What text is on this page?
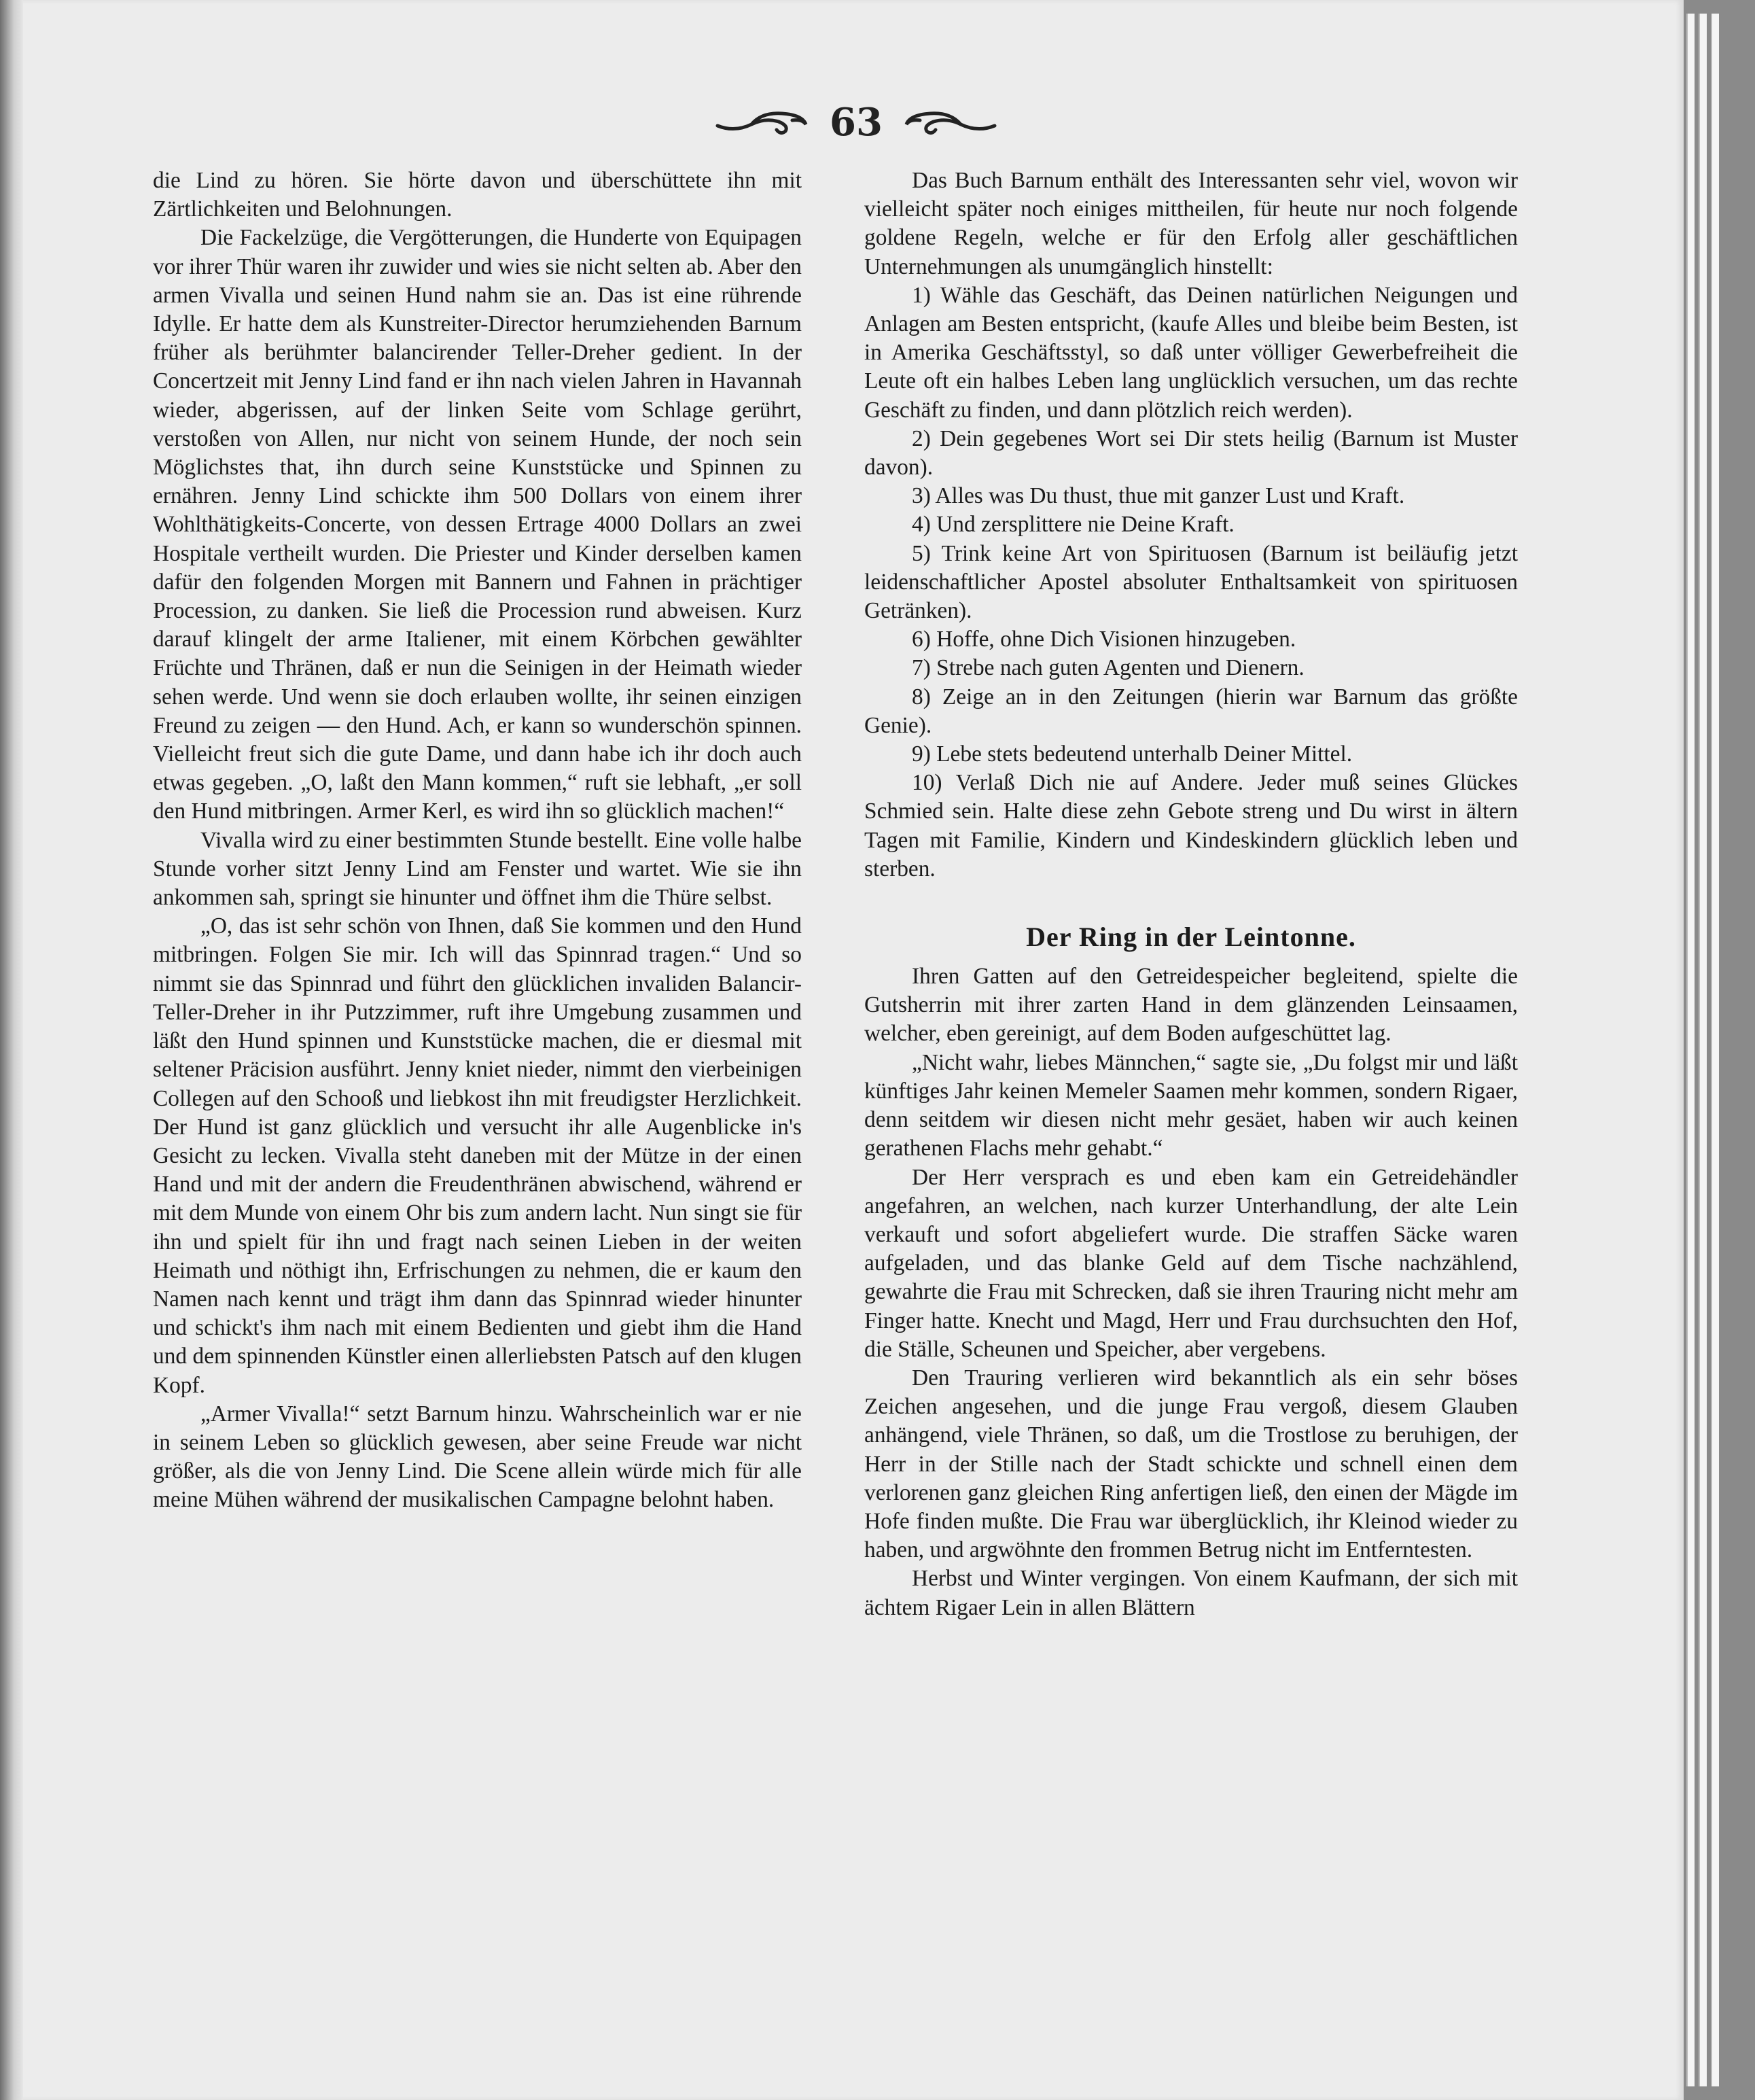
63

die Lind zu hören. Sie hörte davon und überschüttete ihn mit Zärtlichkeiten und Belohnungen.

Die Fackelzüge, die Vergötterungen, die Hunderte von Equipagen vor ihrer Thür waren ihr zuwider und wies sie nicht selten ab. Aber den armen Vivalla und seinen Hund nahm sie an. Das ist eine rührende Idylle. Er hatte dem als Kunstreiter-Director herumziehenden Barnum früher als berühmter balancirender Teller-Dreher gedient. In der Concertzeit mit Jenny Lind fand er ihn nach vielen Jahren in Havannah wieder, abgerissen, auf der linken Seite vom Schlage gerührt, verstoßen von Allen, nur nicht von seinem Hunde, der noch sein Möglichstes that, ihn durch seine Kunststücke und Spinnen zu ernähren. Jenny Lind schickte ihm 500 Dollars von einem ihrer Wohlthätigkeits-Concerte, von dessen Ertrage 4000 Dollars an zwei Hospitale vertheilt wurden. Die Priester und Kinder derselben kamen dafür den folgenden Morgen mit Bannern und Fahnen in prächtiger Procession, zu danken. Sie ließ die Procession rund abweisen. Kurz darauf klingelt der arme Italiener, mit einem Körbchen gewählter Früchte und Thränen, daß er nun die Seinigen in der Heimath wieder sehen werde. Und wenn sie doch erlauben wollte, ihr seinen einzigen Freund zu zeigen — den Hund. Ach, er kann so wunderschön spinnen. Vielleicht freut sich die gute Dame, und dann habe ich ihr doch auch etwas gegeben. „O, laßt den Mann kommen,“ ruft sie lebhaft, „er soll den Hund mitbringen. Armer Kerl, es wird ihn so glücklich machen!“

Vivalla wird zu einer bestimmten Stunde bestellt. Eine volle halbe Stunde vorher sitzt Jenny Lind am Fenster und wartet. Wie sie ihn ankommen sah, springt sie hinunter und öffnet ihm die Thüre selbst.

„O, das ist sehr schön von Ihnen, daß Sie kommen und den Hund mitbringen. Folgen Sie mir. Ich will das Spinnrad tragen.“ Und so nimmt sie das Spinnrad und führt den glücklichen invaliden Balancir-Teller-Dreher in ihr Putzzimmer, ruft ihre Umgebung zusammen und läßt den Hund spinnen und Kunststücke machen, die er diesmal mit seltener Präcision ausführt. Jenny kniet nieder, nimmt den vierbeinigen Collegen auf den Schooß und liebkost ihn mit freudigster Herzlichkeit. Der Hund ist ganz glücklich und versucht ihr alle Augenblicke in's Gesicht zu lecken. Vivalla steht daneben mit der Mütze in der einen Hand und mit der andern die Freudenthränen abwischend, während er mit dem Munde von einem Ohr bis zum andern lacht. Nun singt sie für ihn und spielt für ihn und fragt nach seinen Lieben in der weiten Heimath und nöthigt ihn, Erfrischungen zu nehmen, die er kaum den Namen nach kennt und trägt ihm dann das Spinnrad wieder hinunter und schickt's ihm nach mit einem Bedienten und giebt ihm die Hand und dem spinnenden Künstler einen allerliebsten Patsch auf den klugen Kopf.

„Armer Vivalla!“ setzt Barnum hinzu. Wahrscheinlich war er nie in seinem Leben so glücklich gewesen, aber seine Freude war nicht größer, als die von Jenny Lind. Die Scene allein würde mich für alle meine Mühen während der musikalischen Campagne belohnt haben.

Das Buch Barnum enthält des Interessanten sehr viel, wovon wir vielleicht später noch einiges mittheilen, für heute nur noch folgende goldene Regeln, welche er für den Erfolg aller geschäftlichen Unternehmungen als unumgänglich hinstellt:

1) Wähle das Geschäft, das Deinen natürlichen Neigungen und Anlagen am Besten entspricht, (kaufe Alles und bleibe beim Besten, ist in Amerika Geschäftsstyl, so daß unter völliger Gewerbefreiheit die Leute oft ein halbes Leben lang unglücklich versuchen, um das rechte Geschäft zu finden, und dann plötzlich reich werden).

2) Dein gegebenes Wort sei Dir stets heilig (Barnum ist Muster davon).

3) Alles was Du thust, thue mit ganzer Lust und Kraft.

4) Und zersplittere nie Deine Kraft.

5) Trink keine Art von Spirituosen (Barnum ist beiläufig jetzt leidenschaftlicher Apostel absoluter Enthaltsamkeit von spirituosen Getränken).

6) Hoffe, ohne Dich Visionen hinzugeben.

7) Strebe nach guten Agenten und Dienern.

8) Zeige an in den Zeitungen (hierin war Barnum das größte Genie).

9) Lebe stets bedeutend unterhalb Deiner Mittel.

10) Verlaß Dich nie auf Andere. Jeder muß seines Glückes Schmied sein. Halte diese zehn Gebote streng und Du wirst in ältern Tagen mit Familie, Kindern und Kindeskindern glücklich leben und sterben.

Der Ring in der Leintonne.

Ihren Gatten auf den Getreidespeicher begleitend, spielte die Gutsherrin mit ihrer zarten Hand in dem glänzenden Leinsaamen, welcher, eben gereinigt, auf dem Boden aufgeschüttet lag.

„Nicht wahr, liebes Männchen,“ sagte sie, „Du folgst mir und läßt künftiges Jahr keinen Memeler Saamen mehr kommen, sondern Rigaer, denn seitdem wir diesen nicht mehr gesäet, haben wir auch keinen gerathenen Flachs mehr gehabt.“

Der Herr versprach es und eben kam ein Getreidehändler angefahren, an welchen, nach kurzer Unterhandlung, der alte Lein verkauft und sofort abgeliefert wurde. Die straffen Säcke waren aufgeladen, und das blanke Geld auf dem Tische nachzählend, gewahrte die Frau mit Schrecken, daß sie ihren Trauring nicht mehr am Finger hatte. Knecht und Magd, Herr und Frau durchsuchten den Hof, die Ställe, Scheunen und Speicher, aber vergebens.

Den Trauring verlieren wird bekanntlich als ein sehr böses Zeichen angesehen, und die junge Frau vergoß, diesem Glauben anhängend, viele Thränen, so daß, um die Trostlose zu beruhigen, der Herr in der Stille nach der Stadt schickte und schnell einen dem verlorenen ganz gleichen Ring anfertigen ließ, den einen der Mägde im Hofe finden mußte. Die Frau war überglücklich, ihr Kleinod wieder zu haben, und argwöhnte den frommen Betrug nicht im Entferntesten.

Herbst und Winter vergingen. Von einem Kaufmann, der sich mit ächtem Rigaer Lein in allen Blättern
